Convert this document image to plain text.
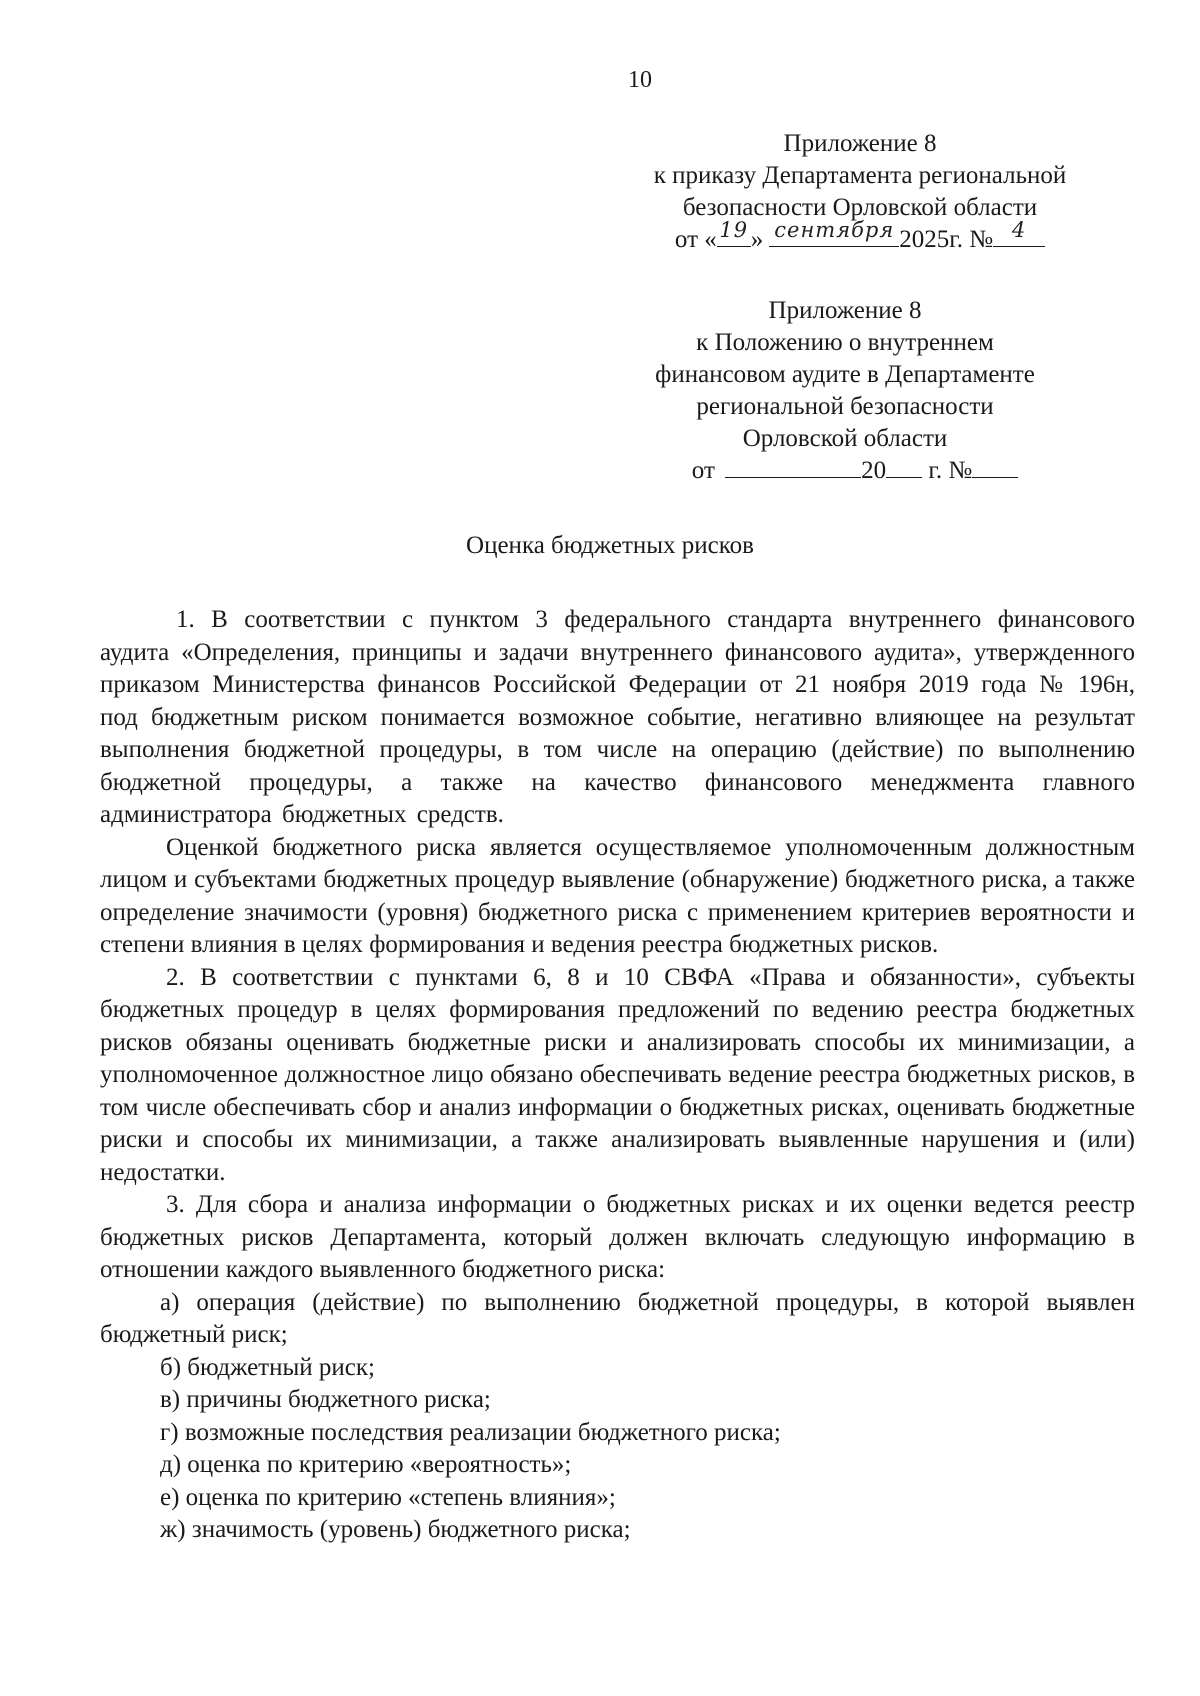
10
Приложение 8
к приказу Департамента региональной
безопасности Орловской области
от « 19 » сентября 2025г. № 4
Приложение 8
к Положению о внутреннем
финансовом аудите в Департаменте
региональной безопасности
Орловской области
от	20 г. №
Оценка бюджетных рисков

1. В соответствии с пунктом 3 федерального стандарта внутреннего финансового аудита «Определения, принципы и задачи внутреннего финансового аудита», утвержденного приказом Министерства финансов Российской Федерации от 21 ноября 2019 года № 196н, под бюджетным риском понимается возможное событие, негативно влияющее на результат выполнения бюджетной процедуры, в том числе на операцию (действие) по выполнению бюджетной процедуры, а также на качество финансового менеджмента главного администратора бюджетных средств.

Оценкой бюджетного риска является осуществляемое уполномоченным должностным лицом и субъектами бюджетных процедур выявление (обнаружение) бюджетного риска, а также определение значимости (уровня) бюджетного риска с применением критериев вероятности и степени влияния в целях формирования и ведения реестра бюджетных рисков.

2. В соответствии с пунктами 6, 8 и 10 СВФА «Права и обязанности», субъекты бюджетных процедур в целях формирования предложений по ведению реестра бюджетных рисков обязаны оценивать бюджетные риски и анализировать способы их минимизации, а уполномоченное должностное лицо обязано обеспечивать ведение реестра бюджетных рисков, в том числе обеспечивать сбор и анализ информации о бюджетных рисках, оценивать бюджетные риски и способы их минимизации, а также анализировать выявленные нарушения и (или) недостатки.

3. Для сбора и анализа информации о бюджетных рисках и их оценки ведется реестр бюджетных рисков Департамента, который должен включать следующую информацию в отношении каждого выявленного бюджетного риска:

а) операция (действие) по выполнению бюджетной процедуры, в которой выявлен бюджетный риск;

б) бюджетный риск;

в) причины бюджетного риска;

г) возможные последствия реализации бюджетного риска;

д) оценка по критерию «вероятность»;

е) оценка по критерию «степень влияния»;

ж) значимость (уровень) бюджетного риска;
